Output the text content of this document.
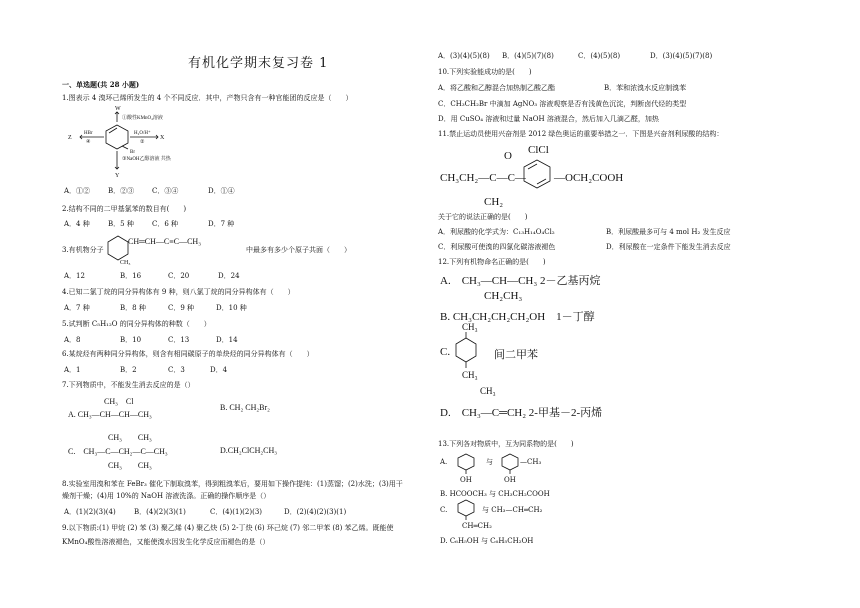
有机化学期末复习卷 1
一、单选题(共 28 小题)
1.图表示 4 溴环己烯所发生的 4 个不同反应．其中，产物只含有一种官能团的反应是（　　）
W
①酸性KMnO₄溶液
Br
Z
HBr
④
X
H₂O/H⁺
②
③NaOH乙醇溶液 共热
Y
A．①②	B．②③	C．③④	D．①④
2.结构不同的二甲基氯苯的数目有(　　)
A．4 种	B．5 种	C．6 种	D．7 种
3.有机物分子
CH═CH—C≡C—CH₃
CH₃
中最多有多少个原子共面（　　）
A．12	B．16	C．20	D．24
4.已知二氯丁烷的同分异构体有 9 种，则八氯丁烷的同分异构体有（　　）
A．7 种	B．8 种	C．9 种	D．10 种
5.试判断 C₅H₁₂O 的同分异构体的种数（　　）
A．8	B．10	C．13	D．14
6.某烷烃有两种同分异构体，则含有相同碳原子的单炔烃的同分异构体有（　　）
A．1	B．2	C．3	D．4
7.下列物质中，不能发生消去反应的是（）
CH₃　Cl
A. CH₃—CH—CH—CH₃
B. CH₂ CH₂Br₂
CH₃　　CH₃
C.　CH₃—C—CH₂—C—CH₃
CH₃　　CH₃
D.CH₂ClCH₂CH₃
8.实验室用溴和苯在 FeBr₃ 催化下制取溴苯，得到粗溴苯后，要用如下操作提纯：(1)蒸馏；(2)水洗；(3)用干
燥剂干燥；(4)用 10%的 NaOH 溶液洗涤。正确的操作顺序是（）
A．(1)(2)(3)(4)	B．(4)(2)(3)(1)	C．(4)(1)(2)(3)	D．(2)(4)(2)(3)(1)
9.以下物质:(1) 甲烷 (2) 苯 (3) 聚乙烯 (4) 聚乙炔 (5) 2-丁炔 (6) 环己烷 (7) 邻二甲苯 (8) 苯乙烯。既能使
KMnO₄酸性溶液褪色，又能使溴水因发生化学反应而褪色的是（）
A．(3)(4)(5)(8) B．(4)(5)(7)(8)	C．(4)(5)(8)	D．(3)(4)(5)(7)(8)
10.下列实验能成功的是(　　)
A．将乙酸和乙醇混合加热制乙酸乙酯	B．苯和浓溴水反应制溴苯
C．CH₃CH₂Br 中滴加 AgNO₃ 溶液观察是否有浅黄色沉淀，判断卤代烃的类型
D．用 CuSO₄ 溶液和过量 NaOH 溶液混合，然后加入几滴乙醛，加热
11.禁止运动员使用兴奋剂是 2012 绿色奥运的重要举措之一．下图是兴奋剂利尿酸的结构：
O ClCl
CH₃CH₂—C—C—	—OCH₂COOH
CH₂
关于它的说法正确的是(　　)
A．利尿酸的化学式为：C₁₃H₁₄O₄Cl₂	B．利尿酸最多可与 4 mol H₂ 发生反应
C．利尿酸可使溴的四氯化碳溶液褪色	D．利尿酸在一定条件下能发生消去反应
12.下列有机物命名正确的是(　　)
A.　CH₃—CH—CH₃ 2－乙基丙烷
CH₂CH₃
B. CH₃CH₂CH₂CH₂OH　1－丁醇
CH₃
C.	间二甲苯
CH₃
CH₃
D.　CH₃—C═CH₂ 2-甲基－2-丙烯
13.下列各对物质中，互为同系物的是(　　)
A.	与	—CH₃
OH	OH
B. HCOOCH₃ 与 CH₃CH₂COOH
C.	与 CH₃—CH═CH₂
CH═CH₂
D. C₆H₅OH 与 C₆H₅CH₂OH
